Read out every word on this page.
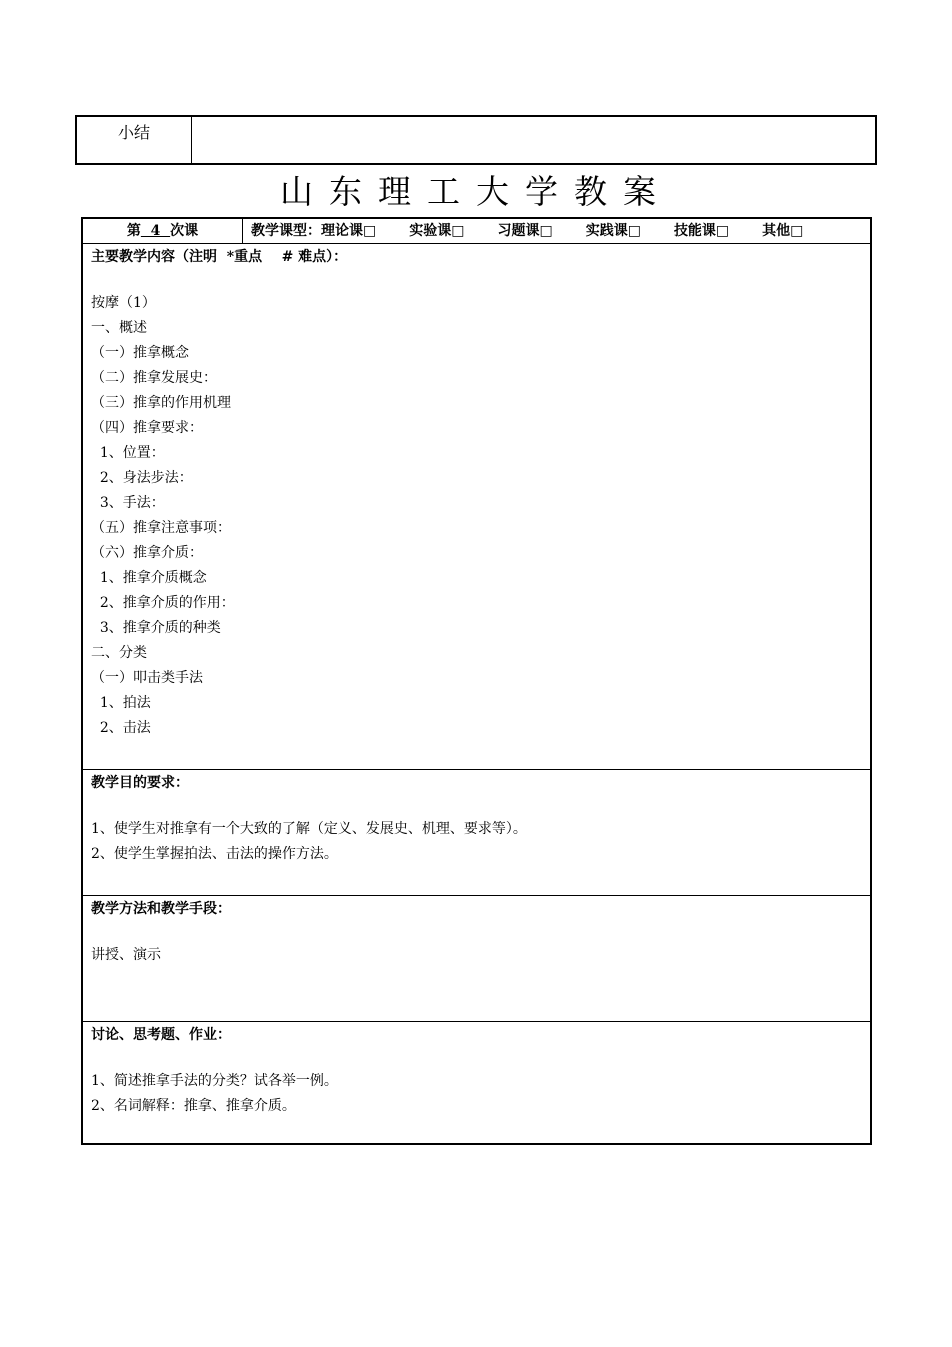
小结
山东理工大学教案
第  4  次课	教学课型： 理论课□ 实验课□ 习题课□ 实践课□ 技能课□ 其他□
主要教学内容（注明  *重点    # 难点）：
按摩（1）
一、概述
（一）推拿概念
（二）推拿发展史：
（三）推拿的作用机理
（四）推拿要求：
1、位置：
2、身法步法：
3、手法：
（五）推拿注意事项：
（六）推拿介质：
1、推拿介质概念
2、推拿介质的作用：
3、推拿介质的种类
二、分类
（一）叩击类手法
1、拍法
2、击法
教学目的要求：
1、使学生对推拿有一个大致的了解（定义、发展史、机理、要求等）。
2、使学生掌握拍法、击法的操作方法。
教学方法和教学手段：
讲授、演示
讨论、思考题、作业：
1、简述推拿手法的分类？试各举一例。
2、名词解释：推拿、推拿介质。
